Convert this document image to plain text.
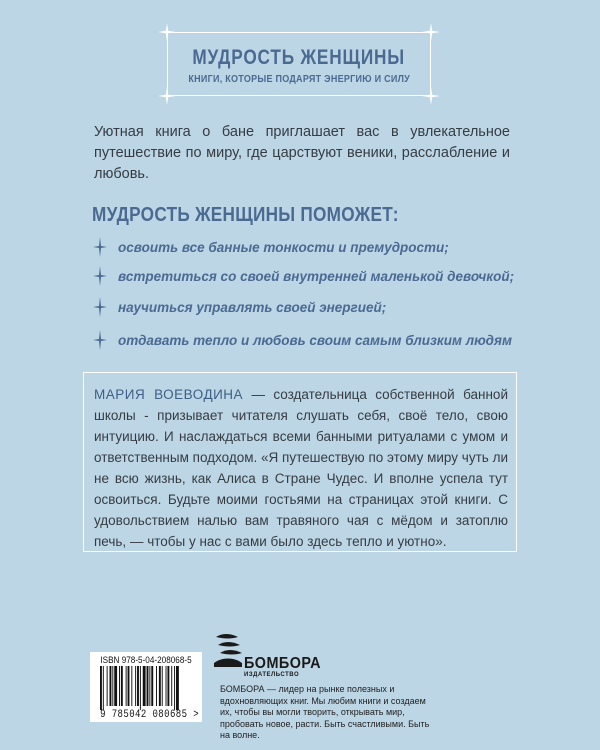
МУДРОСТЬ ЖЕНЩИНЫ
КНИГИ, КОТОРЫЕ ПОДАРЯТ ЭНЕРГИЮ И СИЛУ
Уютная книга о бане приглашает вас в увлекательное путешествие по миру, где царствуют веники, расслабление и любовь.
МУДРОСТЬ ЖЕНЩИНЫ ПОМОЖЕТ:
освоить все банные тонкости и премудрости;
встретиться со своей внутренней маленькой девочкой;
научиться управлять своей энергией;
отдавать тепло и любовь своим самым близким людям
МАРИЯ ВОЕВОДИНА — создательница собственной банной школы - призывает читателя слушать себя, своё тело, свою интуицию. И наслаждаться всеми банными ритуалами с умом и ответственным подходом. «Я путешествую по этому миру чуть ли не всю жизнь, как Алиса в Стране Чудес. И вполне успела тут освоиться. Будьте моими гостьями на страницах этой книги. С удовольствием налью вам травяного чая с мёдом и затоплю печь, — чтобы у нас с вами было здесь тепло и уютно».
ISBN 978-5-04-208068-5
9 785042 080685 >
БОМБОРА
ИЗДАТЕЛЬСТВО
БОМБОРА — лидер на рынке полезных и вдохновляющих книг. Мы любим книги и создаем их, чтобы вы могли творить, открывать мир, пробовать новое, расти. Быть счастливыми. Быть на волне.
